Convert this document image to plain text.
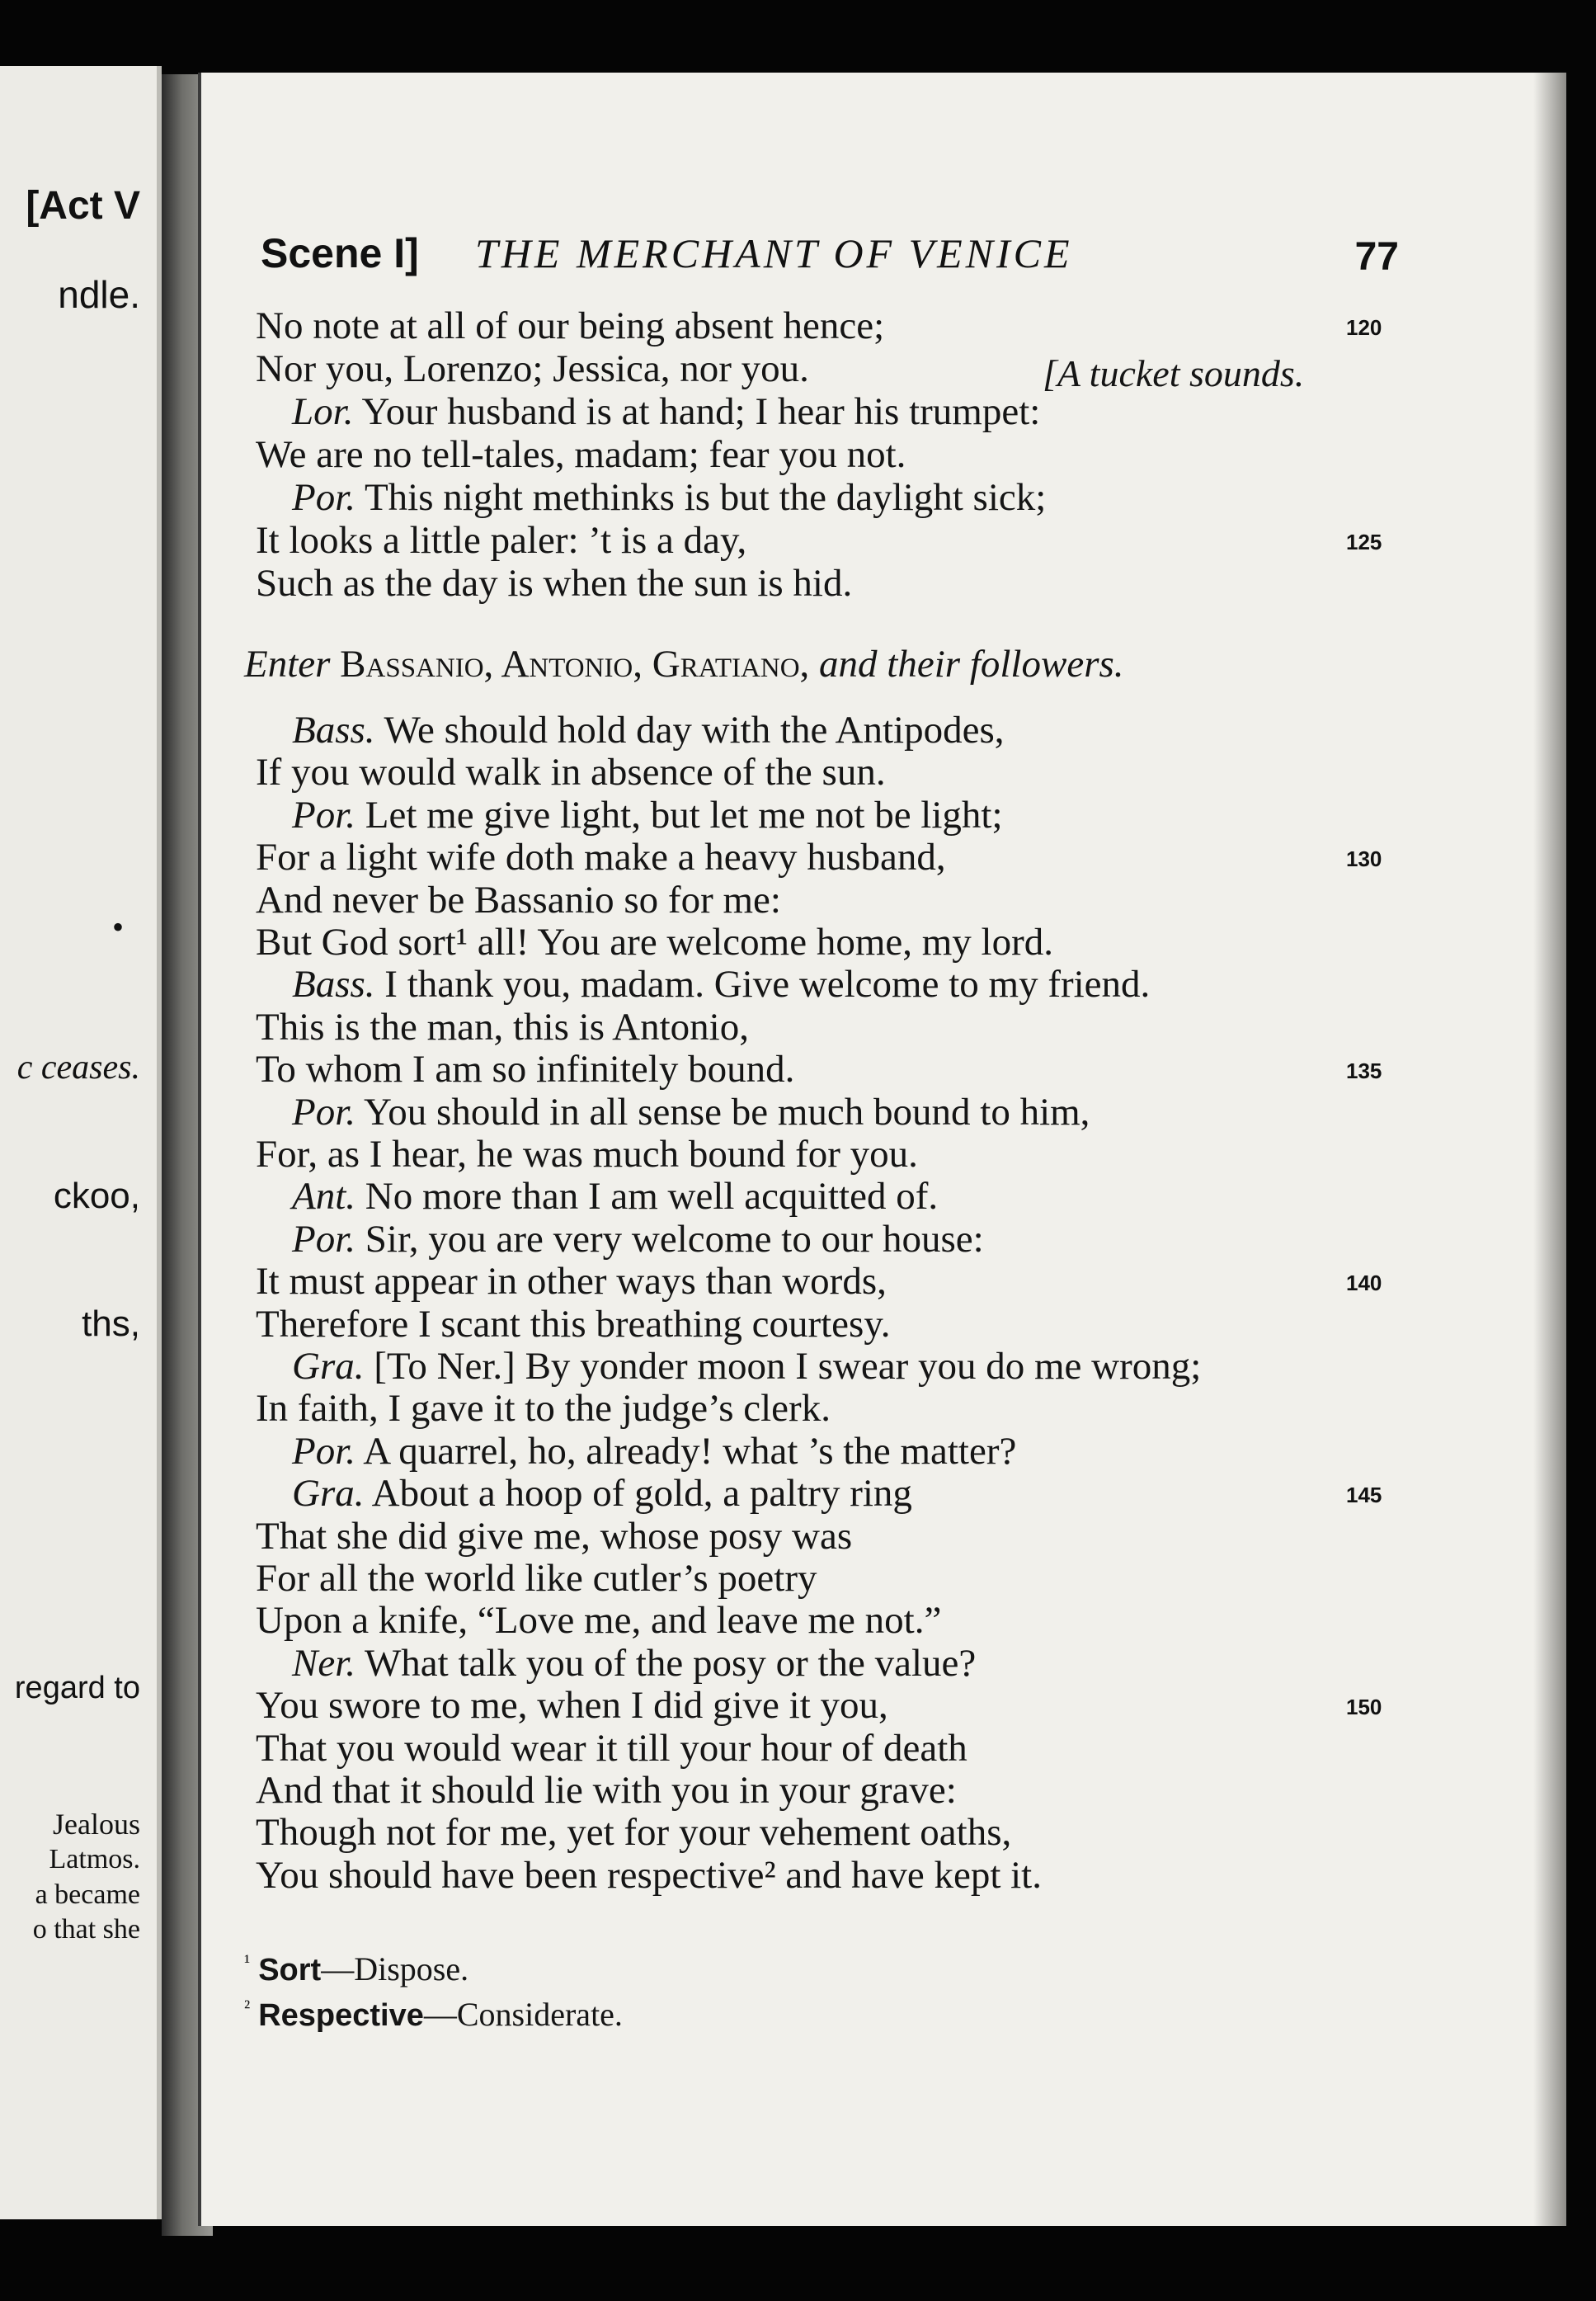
[Act V
ndle.
•
c ceases.
ckoo,
ths,
regard to
Jealous
Latmos.
a became
o that she
Scene I] THE MERCHANT OF VENICE	77
No note at all of our being absent hence;	120
Nor you, Lorenzo; Jessica, nor you.	[A tucket sounds.
Lor. Your husband is at hand; I hear his trumpet:
We are no tell-tales, madam; fear you not.
Por. This night methinks is but the daylight sick;
It looks a little paler: ’t is a day,	125
Such as the day is when the sun is hid.
Enter Bassanio, Antonio, Gratiano, and their followers.
Bass. We should hold day with the Antipodes,
If you would walk in absence of the sun.
Por. Let me give light, but let me not be light;
For a light wife doth make a heavy husband,	130
And never be Bassanio so for me:
But God sort¹ all! You are welcome home, my lord.
Bass. I thank you, madam. Give welcome to my friend.
This is the man, this is Antonio,
To whom I am so infinitely bound.	135
Por. You should in all sense be much bound to him,
For, as I hear, he was much bound for you.
Ant. No more than I am well acquitted of.
Por. Sir, you are very welcome to our house:
It must appear in other ways than words,	140
Therefore I scant this breathing courtesy.
Gra. [To Ner.] By yonder moon I swear you do me wrong;
In faith, I gave it to the judge’s clerk.
Por. A quarrel, ho, already! what ’s the matter?
Gra. About a hoop of gold, a paltry ring	145
That she did give me, whose posy was
For all the world like cutler’s poetry
Upon a knife, “Love me, and leave me not.”
Ner. What talk you of the posy or the value?
You swore to me, when I did give it you,	150
That you would wear it till your hour of death
And that it should lie with you in your grave:
Though not for me, yet for your vehement oaths,
You should have been respective² and have kept it.
$^{^1}$ Sort—Dispose.
$^{^2}$ Respective—Considerate.
